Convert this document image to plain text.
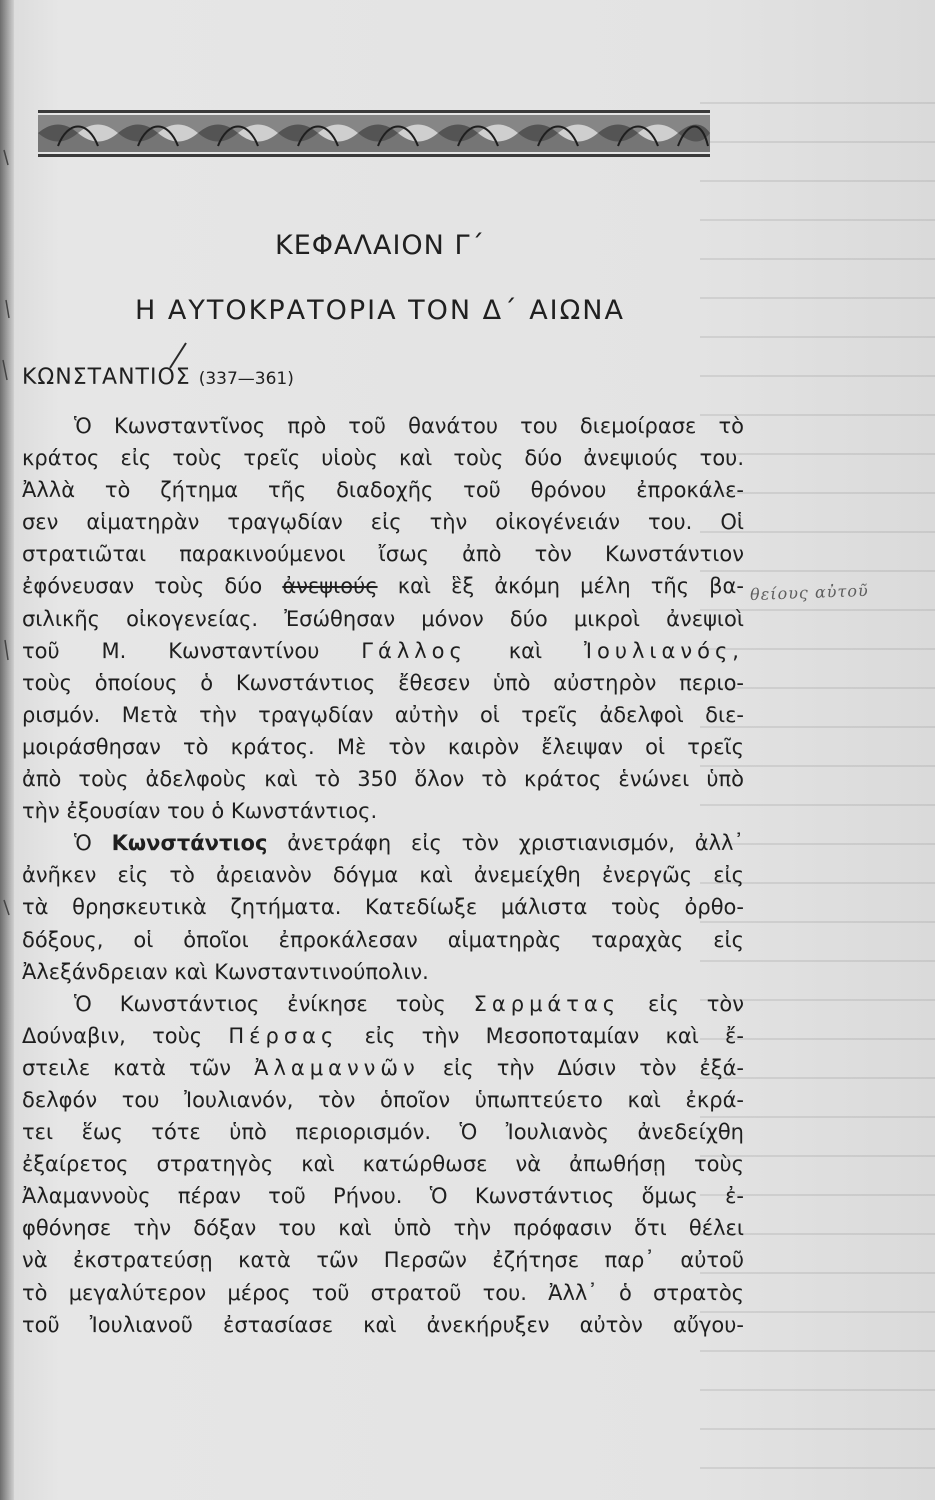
ΚΕΦΑΛΑΙΟΝ Γ΄
Η ΑΥΤΟΚΡΑΤΟΡΙΑ ΤΟΝ Δ΄ ΑΙΩΝΑ
ΚΩΝΣΤΑΝΤΙΟΣ (337—361)
θείους αὐτοῦ
Ὁ Κωνσταντῖνος πρὸ τοῦ θανάτου του διεμοίρασε τὸ
κράτος εἰς τοὺς τρεῖς υἱοὺς καὶ τοὺς δύο ἀνεψιούς του.
Ἀλλὰ τὸ ζήτημα τῆς διαδοχῆς τοῦ θρόνου ἐπροκάλε-
σεν αἱματηρὰν τραγῳδίαν εἰς τὴν οἰκογένειάν του. Οἱ
στρατιῶται παρακινούμενοι ἴσως ἀπὸ τὸν Κωνστάντιον
ἐφόνευσαν τοὺς δύο ἀνεψιούς καὶ ἓξ ἀκόμη μέλη τῆς βα-
σιλικῆς οἰκογενείας. Ἐσώθησαν μόνον δύο μικροὶ ἀνεψιοὶ
τοῦ Μ. Κωνσταντίνου Γάλλος καὶ Ἰουλιανός,
τοὺς ὁποίους ὁ Κωνστάντιος ἔθεσεν ὑπὸ αὐστηρὸν περιο-
ρισμόν. Μετὰ τὴν τραγῳδίαν αὐτὴν οἱ τρεῖς ἀδελφοὶ διε-
μοιράσθησαν τὸ κράτος. Μὲ τὸν καιρὸν ἔλειψαν οἱ τρεῖς
ἀπὸ τοὺς ἀδελφοὺς καὶ τὸ 350 ὅλον τὸ κράτος ἑνώνει ὑπὸ
τὴν ἐξουσίαν του ὁ Κωνστάντιος.
Ὁ Κωνστάντιος ἀνετράφη εἰς τὸν χριστιανισμόν, ἀλλ᾽
ἀνῆκεν εἰς τὸ ἀρειανὸν δόγμα καὶ ἀνεμείχθη ἐνεργῶς εἰς
τὰ θρησκευτικὰ ζητήματα. Κατεδίωξε μάλιστα τοὺς ὀρθο-
δόξους, οἱ ὁποῖοι ἐπροκάλεσαν αἱματηρὰς ταραχὰς εἰς
Ἀλεξάνδρειαν καὶ Κωνσταντινούπολιν.
Ὁ Κωνστάντιος ἐνίκησε τοὺς Σαρμάτας εἰς τὸν
Δούναβιν, τοὺς Πέρσας εἰς τὴν Μεσοποταμίαν καὶ ἔ-
στειλε κατὰ τῶν Ἀλαμαννῶν εἰς τὴν Δύσιν τὸν ἐξά-
δελφόν του Ἰουλιανόν, τὸν ὁποῖον ὑπωπτεύετο καὶ ἐκρά-
τει ἕως τότε ὑπὸ περιορισμόν. Ὁ Ἰουλιανὸς ἀνεδείχθη
ἐξαίρετος στρατηγὸς καὶ κατώρθωσε νὰ ἀπωθήσῃ τοὺς
Ἀλαμαννοὺς πέραν τοῦ Ρήνου. Ὁ Κωνστάντιος ὅμως ἐ-
φθόνησε τὴν δόξαν του καὶ ὑπὸ τὴν πρόφασιν ὅτι θέλει
νὰ ἐκστρατεύσῃ κατὰ τῶν Περσῶν ἐζήτησε παρ᾽ αὐτοῦ
τὸ μεγαλύτερον μέρος τοῦ στρατοῦ του. Ἀλλ᾽ ὁ στρατὸς
τοῦ Ἰουλιανοῦ ἐστασίασε καὶ ἀνεκήρυξεν αὐτὸν αὔγου-
